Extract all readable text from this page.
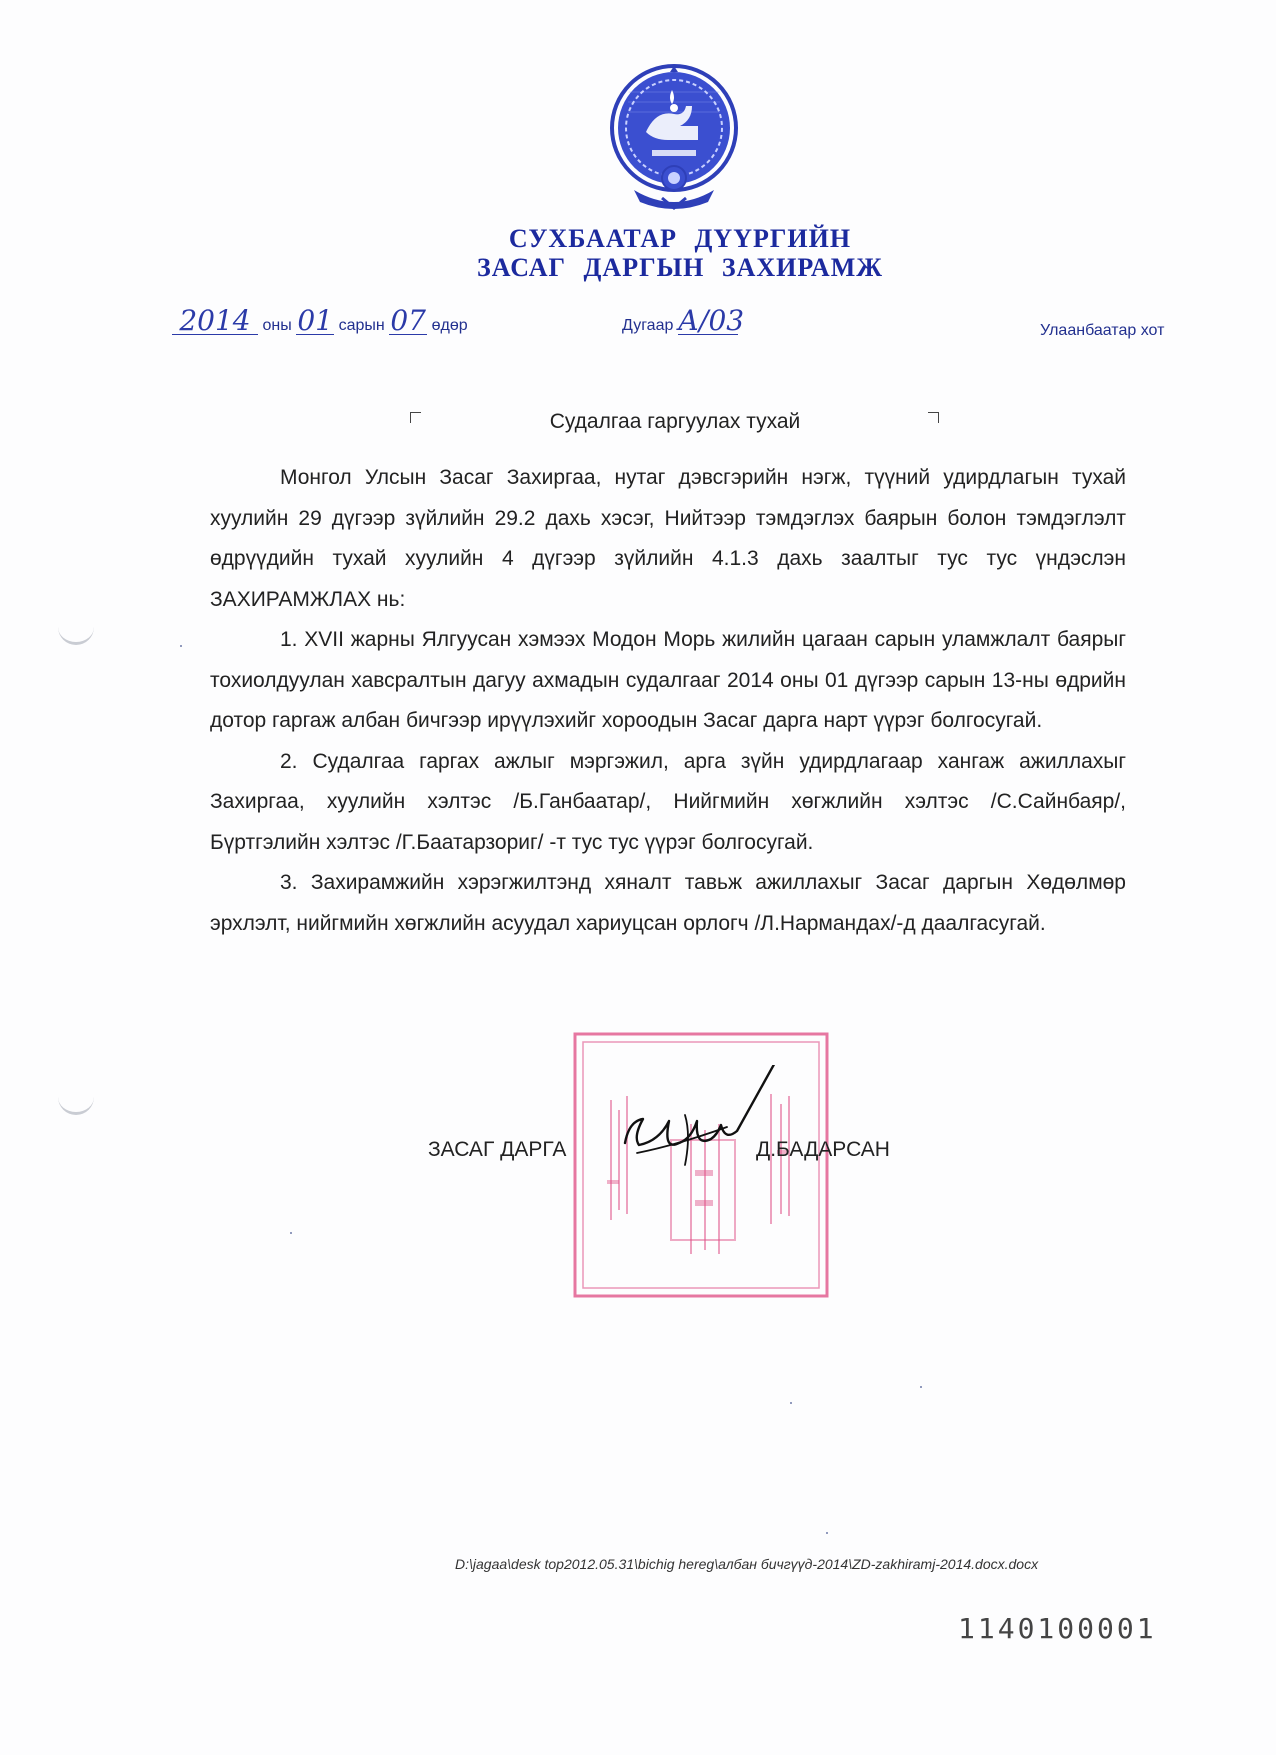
СУХБААТАР ДҮҮРГИЙН
ЗАСАГ ДАРГЫН ЗАХИРАМЖ
2014 оны 01 сарын 07 өдөр	Дугаар А/03	Улаанбаатар хот
Судалгаа гаргуулах тухай

Монгол Улсын Засаг Захиргаа, нутаг дэвсгэрийн нэгж, түүний удирдлагын тухай хуулийн 29 дүгээр зүйлийн 29.2 дахь хэсэг, Нийтээр тэмдэглэх баярын болон тэмдэглэлт өдрүүдийн тухай хуулийн 4 дүгээр зүйлийн 4.1.3 дахь заалтыг тус тус үндэслэн ЗАХИРАМЖЛАХ нь:

1. XVII жарны Ялгуусан хэмээх Модон Морь жилийн цагаан сарын уламжлалт баярыг тохиолдуулан хавсралтын дагуу ахмадын судалгааг 2014 оны 01 дүгээр сарын 13-ны өдрийн дотор гаргаж албан бичгээр ирүүлэхийг хороодын Засаг дарга нарт үүрэг болгосугай.

2. Судалгаа гаргах ажлыг мэргэжил, арга зүйн удирдлагаар хангаж ажиллахыг Захиргаа, хуулийн хэлтэс /Б.Ганбаатар/, Нийгмийн хөгжлийн хэлтэс /С.Сайнбаяр/, Бүртгэлийн хэлтэс /Г.Баатарзориг/ -т тус тус үүрэг болгосугай.

3. Захирамжийн хэрэгжилтэнд хяналт тавьж ажиллахыг Засаг даргын Хөдөлмөр эрхлэлт, нийгмийн хөгжлийн асуудал хариуцсан орлогч /Л.Нармандах/-д даалгасугай.

ЗАСАГ ДАРГА	Д.БАДАРСАН
D:\jagaa\desk top2012.05.31\bichig hereg\албан бичгүүд-2014\ZD-zakhiramj-2014.docx.docx
1140100001
